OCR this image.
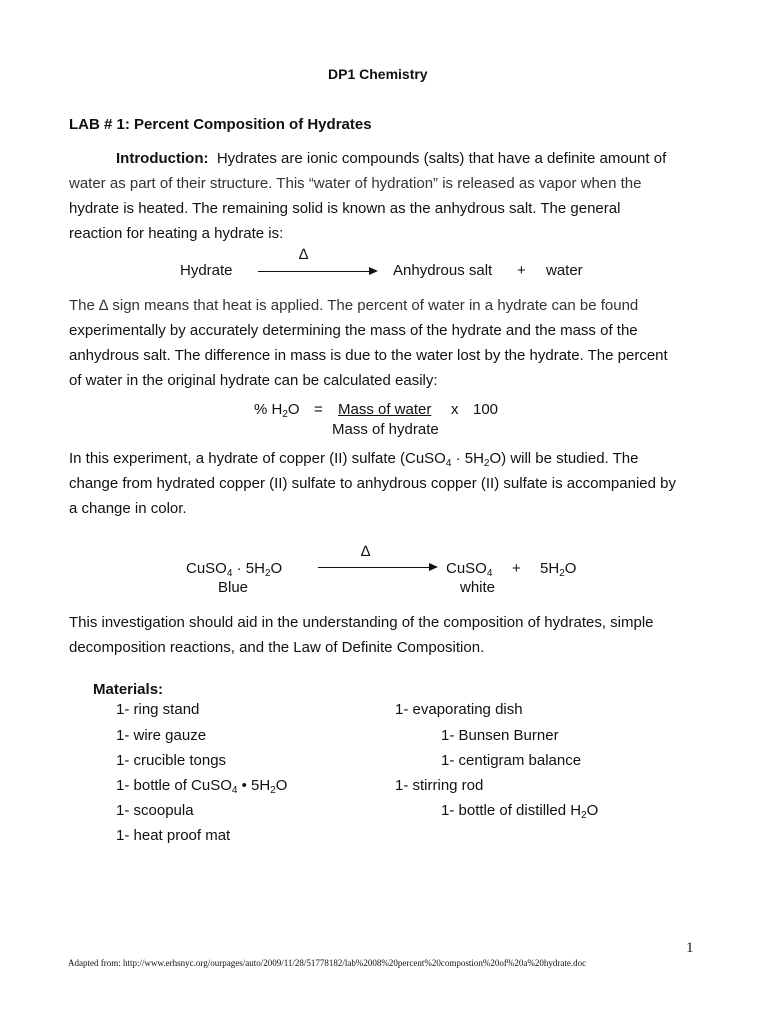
DP1 Chemistry
LAB # 1: Percent Composition of Hydrates
Introduction: Hydrates are ionic compounds (salts) that have a definite amount of
water as part of their structure. This “water of hydration” is released as vapor when the
hydrate is heated. The remaining solid is known as the anhydrous salt. The general
reaction for heating a hydrate is:
Hydrate
∆
Anhydrous salt + water
The ∆ sign means that heat is applied. The percent of water in a hydrate can be found
experimentally by accurately determining the mass of the hydrate and the mass of the
anhydrous salt. The difference in mass is due to the water lost by the hydrate. The percent
of water in the original hydrate can be calculated easily:
% $H_2O$ = Mass of water x 100
Mass of hydrate
In this experiment, a hydrate of copper (II) sulfate (CuSO$_4$ · $5H_2O$) will be studied. The
change from hydrated copper (II) sulfate to anhydrous copper (II) sulfate is accompanied by
a change in color.
CuSO$_4$ · $5H_2O$
Blue
∆
CuSO$_4$ + $5H_2O$
white
This investigation should aid in the understanding of the composition of hydrates, simple
decomposition reactions, and the Law of Definite Composition.
Materials:
1- ring stand
1- wire gauze
1- crucible tongs
1- bottle of CuSO$_4$ • $5H_2O$
1- scoopula
1- heat proof mat
1- evaporating dish
1- Bunsen Burner
1- centigram balance
1- stirring rod
1- bottle of distilled $H_2O$
1
Adapted from: http://www.erhsnyc.org/ourpages/auto/2009/11/28/51778182/lab%2008%20percent%20compostion%20of%20a%20hydrate.doc
